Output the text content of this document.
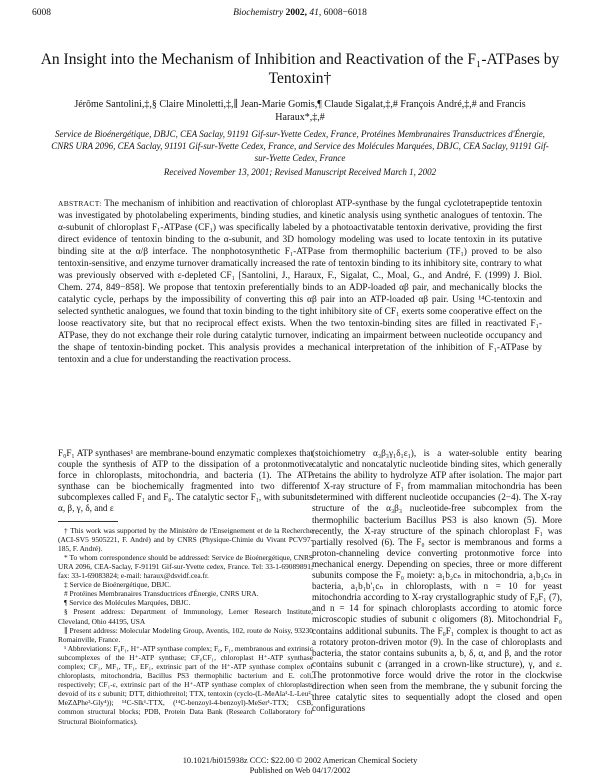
6008	Biochemistry 2002, 41, 6008−6018
An Insight into the Mechanism of Inhibition and Reactivation of the F₁-ATPases by Tentoxin†
Jérôme Santolini,‡,§ Claire Minoletti,‡,∥ Jean-Marie Gomis,¶ Claude Sigalat,‡,# François André,‡,# and Francis Haraux*,‡,#
Service de Bioénergétique, DBJC, CEA Saclay, 91191 Gif-sur-Yvette Cedex, France, Protéines Membranaires Transductrices d'Énergie, CNRS URA 2096, CEA Saclay, 91191 Gif-sur-Yvette Cedex, France, and Service des Molécules Marquées, DBJC, CEA Saclay, 91191 Gif-sur-Yvette Cedex, France
Received November 13, 2001; Revised Manuscript Received March 1, 2002
ABSTRACT: The mechanism of inhibition and reactivation of chloroplast ATP-synthase by the fungal cyclotetrapeptide tentoxin was investigated by photolabeling experiments, binding studies, and kinetic analysis using synthetic analogues of tentoxin. The α-subunit of chloroplast F₁-ATPase (CF₁) was specifically labeled by a photoactivatable tentoxin derivative, providing the first direct evidence of tentoxin binding to the α-subunit, and 3D homology modeling was used to locate tentoxin in its putative binding site at the α/β interface. The nonphotosynthetic F₁-ATPase from thermophilic bacterium (TF₁) proved to be also tentoxin-sensitive, and enzyme turnover dramatically increased the rate of tentoxin binding to its inhibitory site, contrary to what was previously observed with ε-depleted CF₁ [Santolini, J., Haraux, F., Sigalat, C., Moal, G., and André, F. (1999) J. Biol. Chem. 274, 849−858]. We propose that tentoxin preferentially binds to an ADP-loaded αβ pair, and mechanically blocks the catalytic cycle, perhaps by the impossibility of converting this αβ pair into an ATP-loaded αβ pair. Using ¹⁴C-tentoxin and selected synthetic analogues, we found that toxin binding to the tight inhibitory site of CF₁ exerts some cooperative effect on the loose reactivatory site, but that no reciprocal effect exists. When the two tentoxin-binding sites are filled in reactivated F₁-ATPase, they do not exchange their role during catalytic turnover, indicating an impairment between nucleotide occupancy and the shape of tentoxin-binding pocket. This analysis provides a mechanical interpretation of the inhibition of F₁-ATPase by tentoxin and a clue for understanding the reactivation process.
F₀F₁ ATP synthases¹ are membrane-bound enzymatic complexes that couple the synthesis of ATP to the dissipation of a protonmotive force in chloroplasts, mitochondria, and bacteria (1). The ATP synthase can be biochemically fragmented into two different subcomplexes called F₁ and F₀. The catalytic sector F₁, with subunits α, β, γ, δ, and ε

† This work was supported by the Ministère de l'Enseignement et de la Recherche (ACI-SV5 9505221, F. André) and by CNRS (Physique-Chimie du Vivant PCV97-185, F. André).

* To whom correspondence should be addressed: Service de Bioénergétique, CNRS URA 2096, CEA-Saclay, F-91191 Gif-sur-Yvette cedex, France. Tel: 33-1-69089891; fax: 33-1-69083824; e-mail: haraux@dsvidf.cea.fr.

‡ Service de Bioénergétique, DBJC.

# Protéines Membranaires Transductrices d'Énergie, CNRS URA.

¶ Service des Molécules Marquées, DBJC.

§ Present address: Department of Immunology, Lerner Research Institute, Cleveland, Ohio 44195, USA

∥ Present address: Molecular Modeling Group, Aventis, 102, route de Noisy, 93230 Romainville, France.

¹ Abbreviations: F₀F₁, H⁺-ATP synthase complex; F₀, F₁, membranous and extrinsic subcomplexes of the H⁺-ATP synthase; CF₀CF₁, chloroplast H⁺-ATP synthase complex; CF₁, MF₁, TF₁, EF₁, extrinsic part of the H⁺-ATP synthase complex of chloroplasts, mitochondria, Bacillus PS3 thermophilic bacterium and E. coli, respectively; CF₁-ε, extrinsic part of the H⁺-ATP synthase complex of chloroplasts devoid of its ε subunit; DTT, dithiothreitol; TTX, tentoxin (cyclo-(L-MeAla¹-L-Leu²-MeZΔPhe³-Gly⁴)); ¹⁴C-Slk¹-TTX, (¹⁴C-benzoyl-4-benzoyl)-MeSer¹-TTX; CSB, common structural blocks; PDB, Protein Data Bank (Research Collaboratory for Structural Bioinformatics).

(stoichiometry α₃β₃γ₁δ₁ε₁), is a water-soluble entity bearing catalytic and noncatalytic nucleotide binding sites, which generally retains the ability to hydrolyze ATP after isolation. The major part of X-ray structure of F₁ from mammalian mitochondria has been determined with different nucleotide occupancies (2−4). The X-ray structure of the α₃β₃ nucleotide-free subcomplex from the thermophilic bacterium Bacillus PS3 is also known (5). More recently, the X-ray structure of the spinach chloroplast F₁ was partially resolved (6). The F₀ sector is membranous and forms a proton-channeling device converting protonmotive force into mechanical energy. Depending on species, three or more different subunits compose the F₀ moiety: a₁b₂cₙ in mitochondria, a₁b₂cₙ in bacteria, a₁b₁b'₁cₙ in chloroplasts, with n = 10 for yeast mitochondria according to X-ray crystallographic study of F₀F₁ (7), and n = 14 for spinach chloroplasts according to atomic force microscopic studies of subunit c oligomers (8). Mitochondrial F₀ contains additional subunits. The F₀F₁ complex is thought to act as a rotatory proton-driven motor (9). In the case of chloroplasts and bacteria, the stator contains subunits a, b, δ, α, and β, and the rotor contains subunit c (arranged in a crown-like structure), γ, and ε. The protonmotive force would drive the rotor in the clockwise direction when seen from the membrane, the γ subunit forcing the three catalytic sites to sequentially adopt the closed and open configurations
10.1021/bi015938z CCC: $22.00 © 2002 American Chemical Society
Published on Web 04/17/2002
